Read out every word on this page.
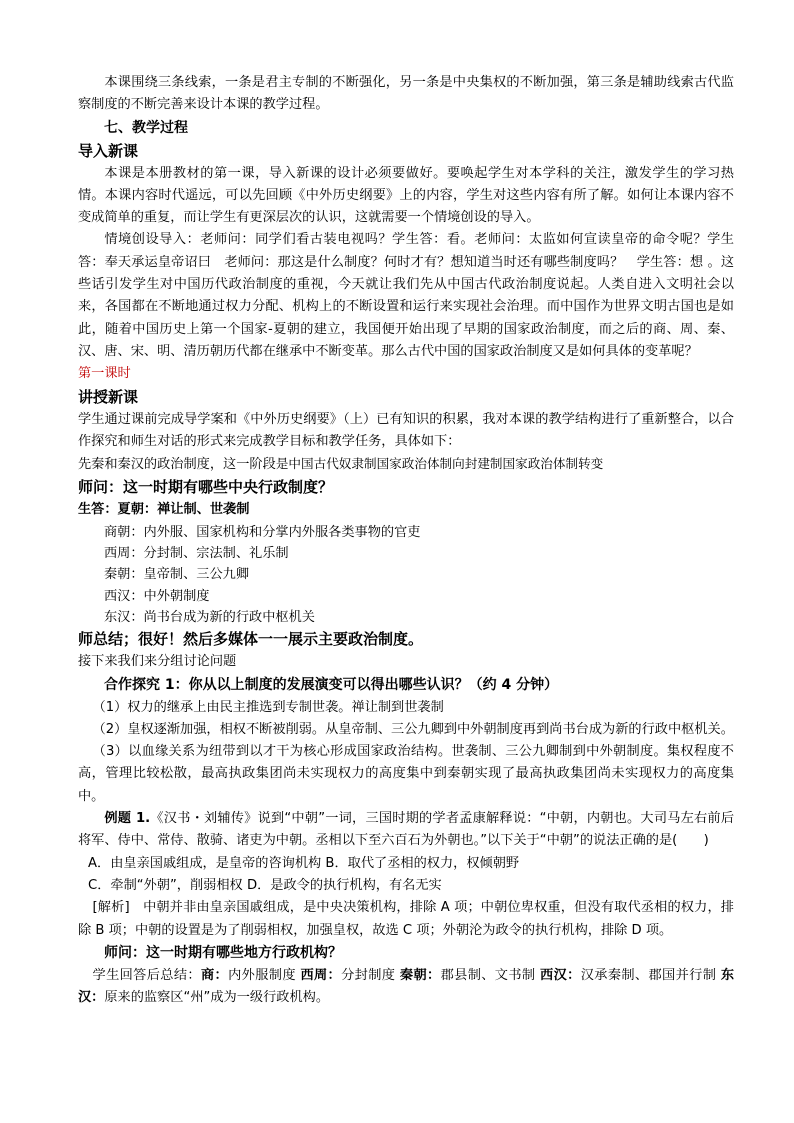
本课围绕三条线索，一条是君主专制的不断强化，另一条是中央集权的不断加强，第三条是辅助线索古代监察制度的不断完善来设计本课的教学过程。

七、教学过程

导入新课

本课是本册教材的第一课，导入新课的设计必须要做好。要唤起学生对本学科的关注，激发学生的学习热情。本课内容时代遥远，可以先回顾《中外历史纲要》上的内容，学生对这些内容有所了解。如何让本课内容不变成简单的重复，而让学生有更深层次的认识，这就需要一个情境创设的导入。

情境创设导入：老师问：同学们看古装电视吗？学生答：看。老师问：太监如何宣读皇帝的命令呢？学生答：奉天承运皇帝诏曰　老师问：那这是什么制度？何时才有？想知道当时还有哪些制度吗？　学生答：想 。这些话引发学生对中国历代政治制度的重视，今天就让我们先从中国古代政治制度说起。人类自进入文明社会以来，各国都在不断地通过权力分配、机构上的不断设置和运行来实现社会治理。而中国作为世界文明古国也是如此，随着中国历史上第一个国家-夏朝的建立，我国便开始出现了早期的国家政治制度，而之后的商、周、秦、汉、唐、宋、明、清历朝历代都在继承中不断变革。那么古代中国的国家政治制度又是如何具体的变革呢？

第一课时

讲授新课

学生通过课前完成导学案和《中外历史纲要》（上）已有知识的积累，我对本课的教学结构进行了重新整合，以合作探究和师生对话的形式来完成教学目标和教学任务，具体如下：

先秦和秦汉的政治制度，这一阶段是中国古代奴隶制国家政治体制向封建制国家政治体制转变

师问：这一时期有哪些中央行政制度？

生答：夏朝：禅让制、世袭制

商朝：内外服、国家机构和分掌内外服各类事物的官吏
西周：分封制、宗法制、礼乐制
秦朝：皇帝制、三公九卿
西汉：中外朝制度
东汉：尚书台成为新的行政中枢机关

师总结；很好！然后多媒体一一展示主要政治制度。

接下来我们来分组讨论问题

合作探究 1：你从以上制度的发展演变可以得出哪些认识？（约 4 分钟）

（1）权力的继承上由民主推选到专制世袭。禅让制到世袭制

（2）皇权逐渐加强，相权不断被削弱。从皇帝制、三公九卿到中外朝制度再到尚书台成为新的行政中枢机关。

（3）以血缘关系为纽带到以才干为核心形成国家政治结构。世袭制、三公九卿制到中外朝制度。集权程度不高，管理比较松散，最高执政集团尚未实现权力的高度集中到秦朝实现了最高执政集团尚未实现权力的高度集中。

例题 1.《汉书・刘辅传》说到“中朝”一词，三国时期的学者孟康解释说：“中朝，内朝也。大司马左右前后将军、侍中、常侍、散骑、诸吏为中朝。丞相以下至六百石为外朝也。”以下关于“中朝”的说法正确的是(　　)

A．由皇亲国戚组成，是皇帝的咨询机构 B．取代了丞相的权力，权倾朝野

C．牵制“外朝”，削弱相权 D．是政令的执行机构，有名无实

[解析]　中朝并非由皇亲国戚组成，是中央决策机构，排除 A 项；中朝位卑权重，但没有取代丞相的权力，排除 B 项；中朝的设置是为了削弱相权，加强皇权，故选 C 项；外朝沦为政令的执行机构，排除 D 项。

师问：这一时期有哪些地方行政机构？

学生回答后总结：商：内外服制度 西周：分封制度 秦朝：郡县制、文书制 西汉：汉承秦制、郡国并行制 东汉：原来的监察区“州”成为一级行政机构。
